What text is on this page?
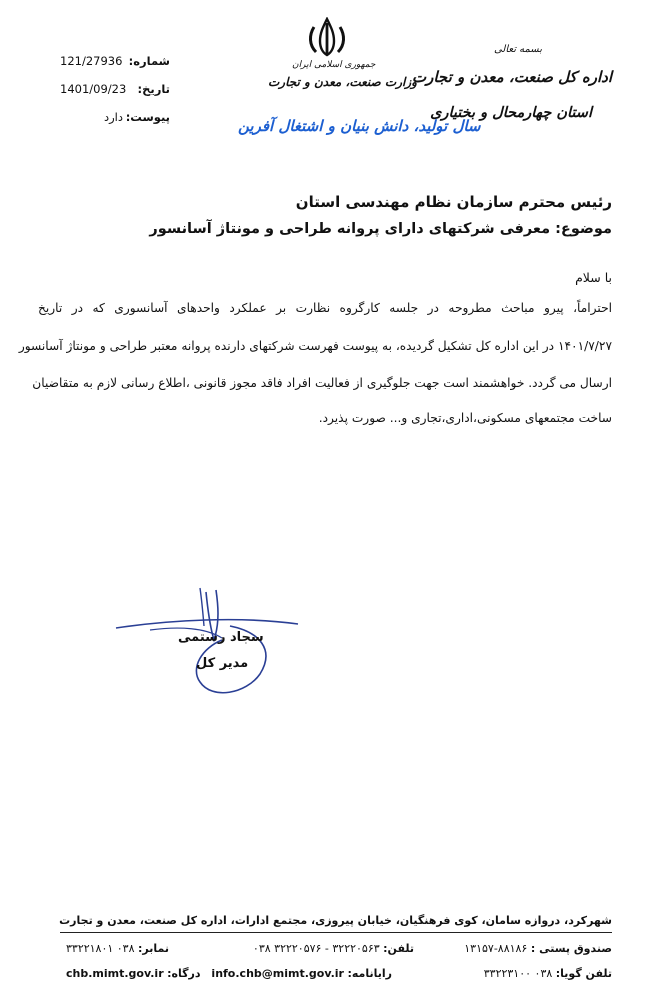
بسمه تعالی
اداره کل صنعت، معدن و تجارت
استان چهارمحال و بختیاری
جمهوری اسلامی ایران
وزارت صنعت، معدن و تجارت
سال تولید، دانش بنیان و اشتغال آفرین
121/27936 شماره:
1401/09/23 تاریخ:
دارد پیوست:
رئیس محترم سازمان نظام مهندسی استان
موضوع: معرفی شرکتهای دارای پروانه طراحی و مونتاژ آسانسور
با سلام
احتراماً، پیرو مباحث مطروحه در جلسه کارگروه نظارت بر عملکرد واحدهای آسانسوری که در تاریخ
۱۴۰۱/۷/۲۷ در این اداره کل تشکیل گردیده، به پیوست فهرست شرکتهای دارنده پروانه معتبر طراحی و مونتاژ آسانسور
ارسال می گردد. خواهشمند است جهت جلوگیری از فعالیت افراد فاقد مجوز قانونی ،اطلاع رسانی لازم به متقاضیان
ساخت مجتمعهای مسکونی،اداری،تجاری و... صورت پذیرد.
سجاد رستمی
مدیر کل
شهرکرد، دروازه سامان، کوی فرهنگیان، خیابان پیروزی، مجتمع ادارات، اداره کل صنعت، معدن و تجارت
صندوق پستی : ۸۸۱۸۶-۱۳۱۵۷
تلفن: ۳۲۲۲۰۵۶۳ - ۳۲۲۲۰۵۷۶ ۰۳۸
نمابر: ۰۳۸ ۳۳۲۲۱۸۰۱
تلفن گویا: ۰۳۸ ۳۳۲۲۳۱۰۰
رایانامه: info.chb@mimt.gov.ir
درگاه: chb.mimt.gov.ir
